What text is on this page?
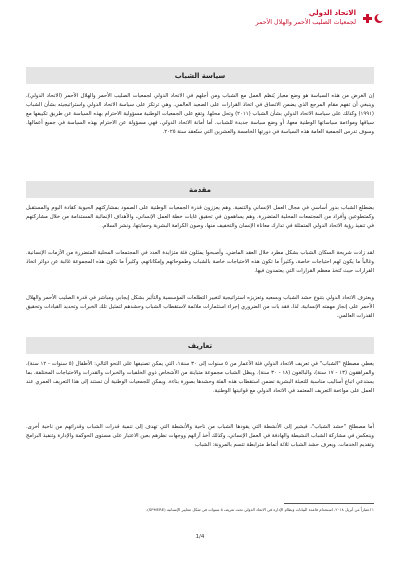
الاتحاد الدولي
لجمعيات الصليب الأحمر والهلال الأحمر
سياسة الشباب

إن الغرض من هذه السياسة هو وضع معيار يُنظم العمل مع الشباب ومن أجلهم في الاتحاد الدولي لجمعيات الصليب الأحمر والهلال الأحمر (الاتحاد الدولي)، وينبغي أن تفهم مقام المرجع الذي يضمن الاتساق في اتخاذ القرارات على الصعيد العالمي. وهي ترتكز على سياسة الاتحاد الدولي واستراتيجيته بشأن الشباب (١٩٩١) وكذلك على سياسة الاتحاد الدولي بشأن الشباب (٢٠١١) وتحل محلها. وتقع على الجمعيات الوطنية مسؤولية الاحترام بهذه السياسة عن طريق تكييفها مع سياقها ومواءمة سياساتها الوطنية معها، أو وضع سياسة جديدة للشباب. أما أمانة الاتحاد الدولي، فهي مسؤولة عن الاحترام بهذه السياسة في جميع أعمالها. وسوف تدرس الجمعية العامة هذه السياسة في دورتها الخامسة والعشرين التي ستُعقد سنة ٢٠٢٥.

مقدمة

يضطلع الشباب بدور أساسي في مجال العمل الإنساني والتنمية. وهم يعززون قدرة الجمعيات الوطنية على الصمود بمشاركتهم الحيوية كقادة اليوم والمستقبل وكمتطوعين وأفراد من المجتمعات المحلية المتضررة. وهم يساهمون في تحقيق غايات خطة العمل الإنساني، والأهداف الإنمائية المستدامة من خلال مشاركتهم في تنفيذ رؤية الاتحاد الدولي المتمثلة في تدارك معاناة الإنسان والتخفيف منها، وصون الكرامة البشرية وحمايتها، ونشر السلام.

لقد زادت شريحة السكان الشباب بشكل مطرد خلال العقد الماضي، وأصبحوا يمثلون فئة متزايدة العدد في المجتمعات المحلية المتضررة من الأزمات الإنسانية. وغالباً ما يكون لهم احتياجات خاصة، وكثيراً ما تكون هذه الاحتياجات خاصة بالشباب وطموحاتهم وإمكاناتهم، وكثيراً ما تكون هذه المجموعة غائبة عن دوائر اتخاذ القرارات حيث تُتخذ معظم القرارات التي يعتمدون فيها.

ويعترف الاتحاد الدولي بتنوع حشد الشباب وبسعيه وتعزيزه استراتيجية لتغيير التطلعات المؤسسية والتأثير بشكل إيجابي ومباشر في قدرة الصليب الأحمر والهلال الأحمر على إنجاز مهمته الإنسانية. لذا، فقد بات من الضروري إجراء استثمارات ملائمة لاستقطاب الشباب وحشدهم لتمثيل تلك الخبرات وتحديد القيادات وتحقيق القدرات العالمي.

تعاريف

يغطي مصطلح "الشباب" في تعريف الاتحاد الدولي فئة الأعمار من ٥ سنوات إلى ٣٠ سنة١، التي يمكن تصنيفها على النحو التالي: الأطفال (٥ سنوات - ١٢ سنة)، والمراهقون (١٣ - ١٧ سنة)، والبالغون (١٨ - ٣٠ سنة). ويظل الشباب مجموعة متباينة من الأشخاص ذوي الخلفيات والخبرات والقدرات والاحتياجات المختلفة، بما يستدعي اتباع أساليب مناسبة للتعبئة البشرية تضمن استقطاب هذه الفئة وحشدها بصورة بناءة. ويمكن للجمعيات الوطنية أن تستند إلى هذا التعريف العمري عند العمل على مواءمة التعريف المعتمد في الاتحاد الدولي مع قوانينها الوطنية.

أما مصطلح "حشد الشباب"، فيشير إلى الأنشطة التي يقودها الشباب من ناحية والأنشطة التي تهدف إلى تنمية قدرات الشباب وقدراتهم من ناحية أخرى. وينعكس في مشاركة الشباب النشيطة والهادفة في العمل الإنساني، وكذلك أخذ آرائهم ووجهات نظرهم بعين الاعتبار على مستوى الحوكمة والإدارة وتنفيذ البرامج وتقديم الخدمات. ويعرف حشد الشباب ثلاثة أنماط مترابطة تتسم بالمرونة: الشباب

١ اعتباراً من أبريل ٢٠١٨، استخدام قاعدة البيانات ونظام الإدارة في الاتحاد الدولي تحت تعريف ٥ سنوات في شكل معايير الإنسانية (SPHERE).
1/4
